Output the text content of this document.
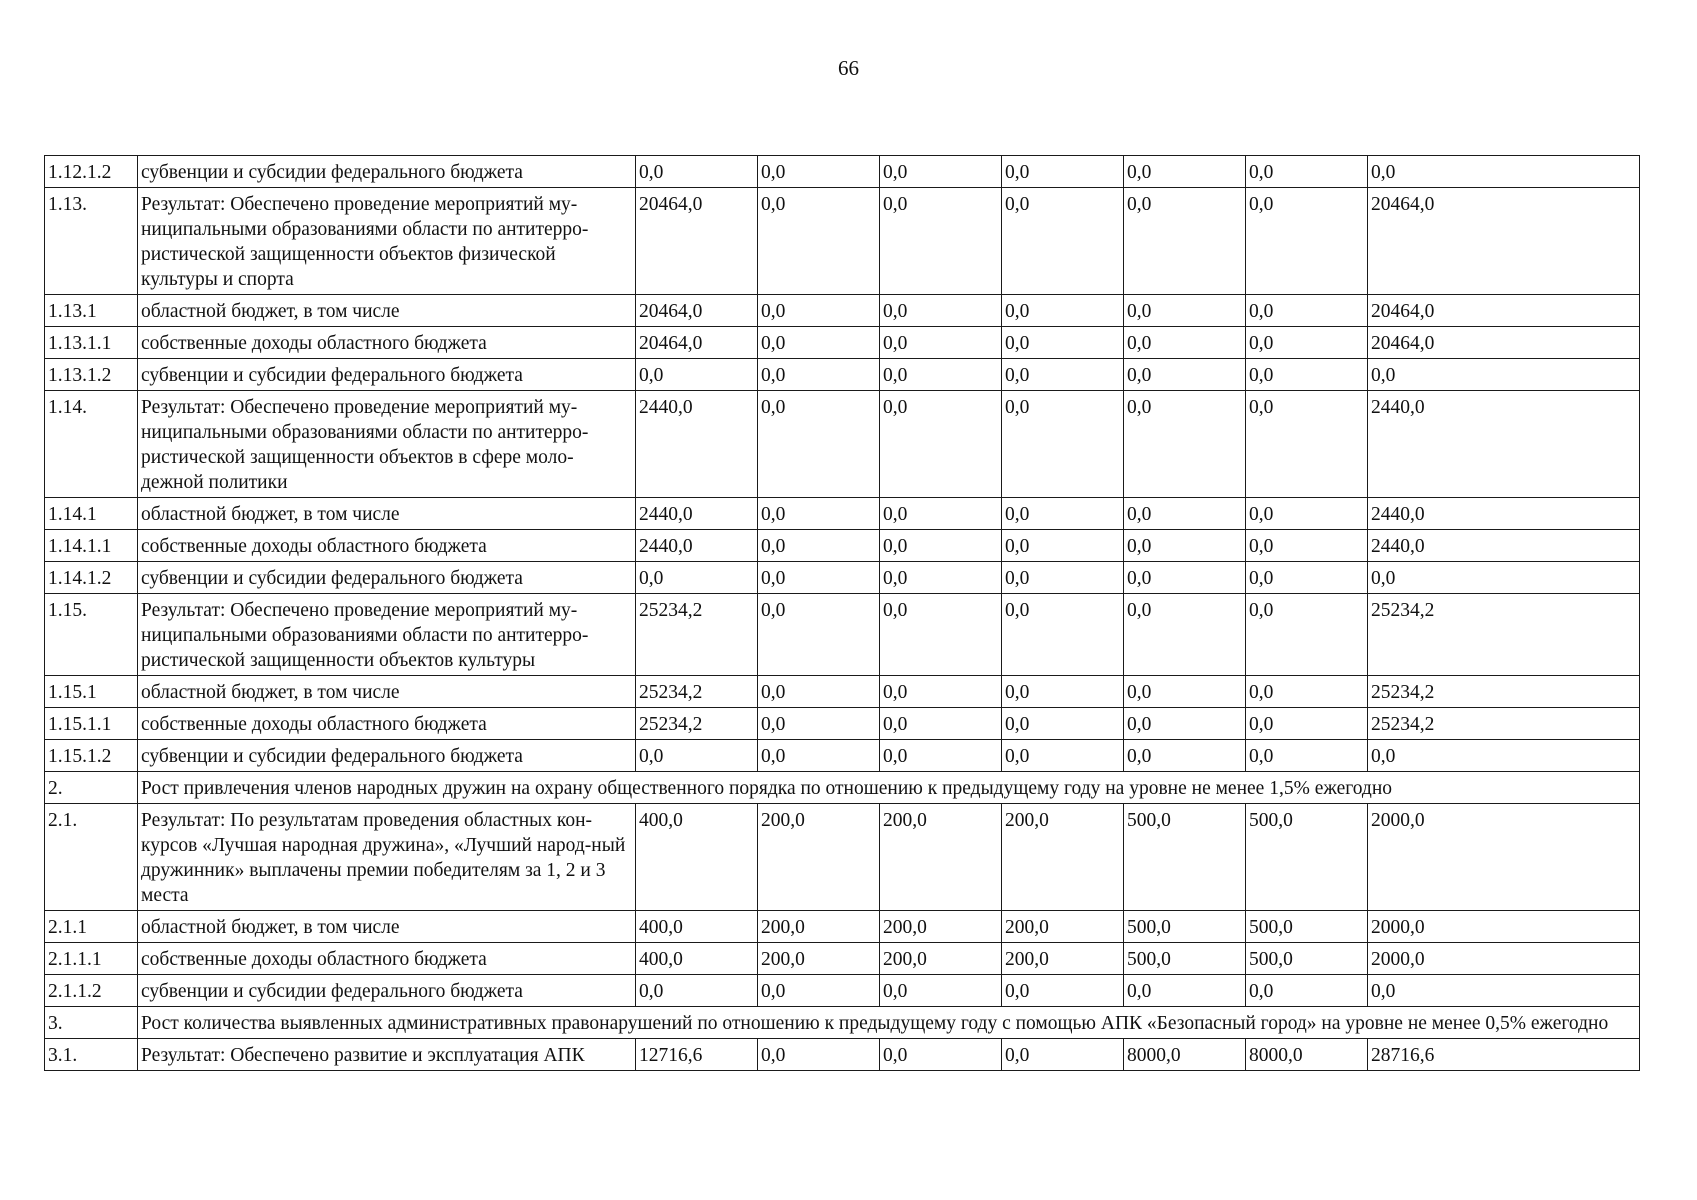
66
1.12.1.2	субвенции и субсидии федерального бюджета	0,0	0,0	0,0	0,0	0,0	0,0	0,0
1.13.	Результат: Обеспечено проведение мероприятий му-ниципальными образованиями области по антитерро-ристической защищенности объектов физической культуры и спорта	20464,0	0,0	0,0	0,0	0,0	0,0	20464,0
1.13.1	областной бюджет, в том числе	20464,0	0,0	0,0	0,0	0,0	0,0	20464,0
1.13.1.1	собственные доходы областного бюджета	20464,0	0,0	0,0	0,0	0,0	0,0	20464,0
1.13.1.2	субвенции и субсидии федерального бюджета	0,0	0,0	0,0	0,0	0,0	0,0	0,0
1.14.	Результат: Обеспечено проведение мероприятий му-ниципальными образованиями области по антитерро-ристической защищенности объектов в сфере моло-дежной политики	2440,0	0,0	0,0	0,0	0,0	0,0	2440,0
1.14.1	областной бюджет, в том числе	2440,0	0,0	0,0	0,0	0,0	0,0	2440,0
1.14.1.1	собственные доходы областного бюджета	2440,0	0,0	0,0	0,0	0,0	0,0	2440,0
1.14.1.2	субвенции и субсидии федерального бюджета	0,0	0,0	0,0	0,0	0,0	0,0	0,0
1.15.	Результат: Обеспечено проведение мероприятий му-ниципальными образованиями области по антитерро-ристической защищенности объектов культуры	25234,2	0,0	0,0	0,0	0,0	0,0	25234,2
1.15.1	областной бюджет, в том числе	25234,2	0,0	0,0	0,0	0,0	0,0	25234,2
1.15.1.1	собственные доходы областного бюджета	25234,2	0,0	0,0	0,0	0,0	0,0	25234,2
1.15.1.2	субвенции и субсидии федерального бюджета	0,0	0,0	0,0	0,0	0,0	0,0	0,0
2.	Рост привлечения членов народных дружин на охрану общественного порядка по отношению к предыдущему году на уровне не менее 1,5% ежегодно							
2.1.	Результат: По результатам проведения областных кон-курсов «Лучшая народная дружина», «Лучший народ-ный дружинник» выплачены премии победителям за 1, 2 и 3 места	400,0	200,0	200,0	200,0	500,0	500,0	2000,0
2.1.1	областной бюджет, в том числе	400,0	200,0	200,0	200,0	500,0	500,0	2000,0
2.1.1.1	собственные доходы областного бюджета	400,0	200,0	200,0	200,0	500,0	500,0	2000,0
2.1.1.2	субвенции и субсидии федерального бюджета	0,0	0,0	0,0	0,0	0,0	0,0	0,0
3.	Рост количества выявленных административных правонарушений по отношению к предыдущему году с помощью АПК «Безопасный город» на уровне не менее 0,5% ежегодно							
3.1.	Результат: Обеспечено развитие и эксплуатация АПК	12716,6	0,0	0,0	0,0	8000,0	8000,0	28716,6
